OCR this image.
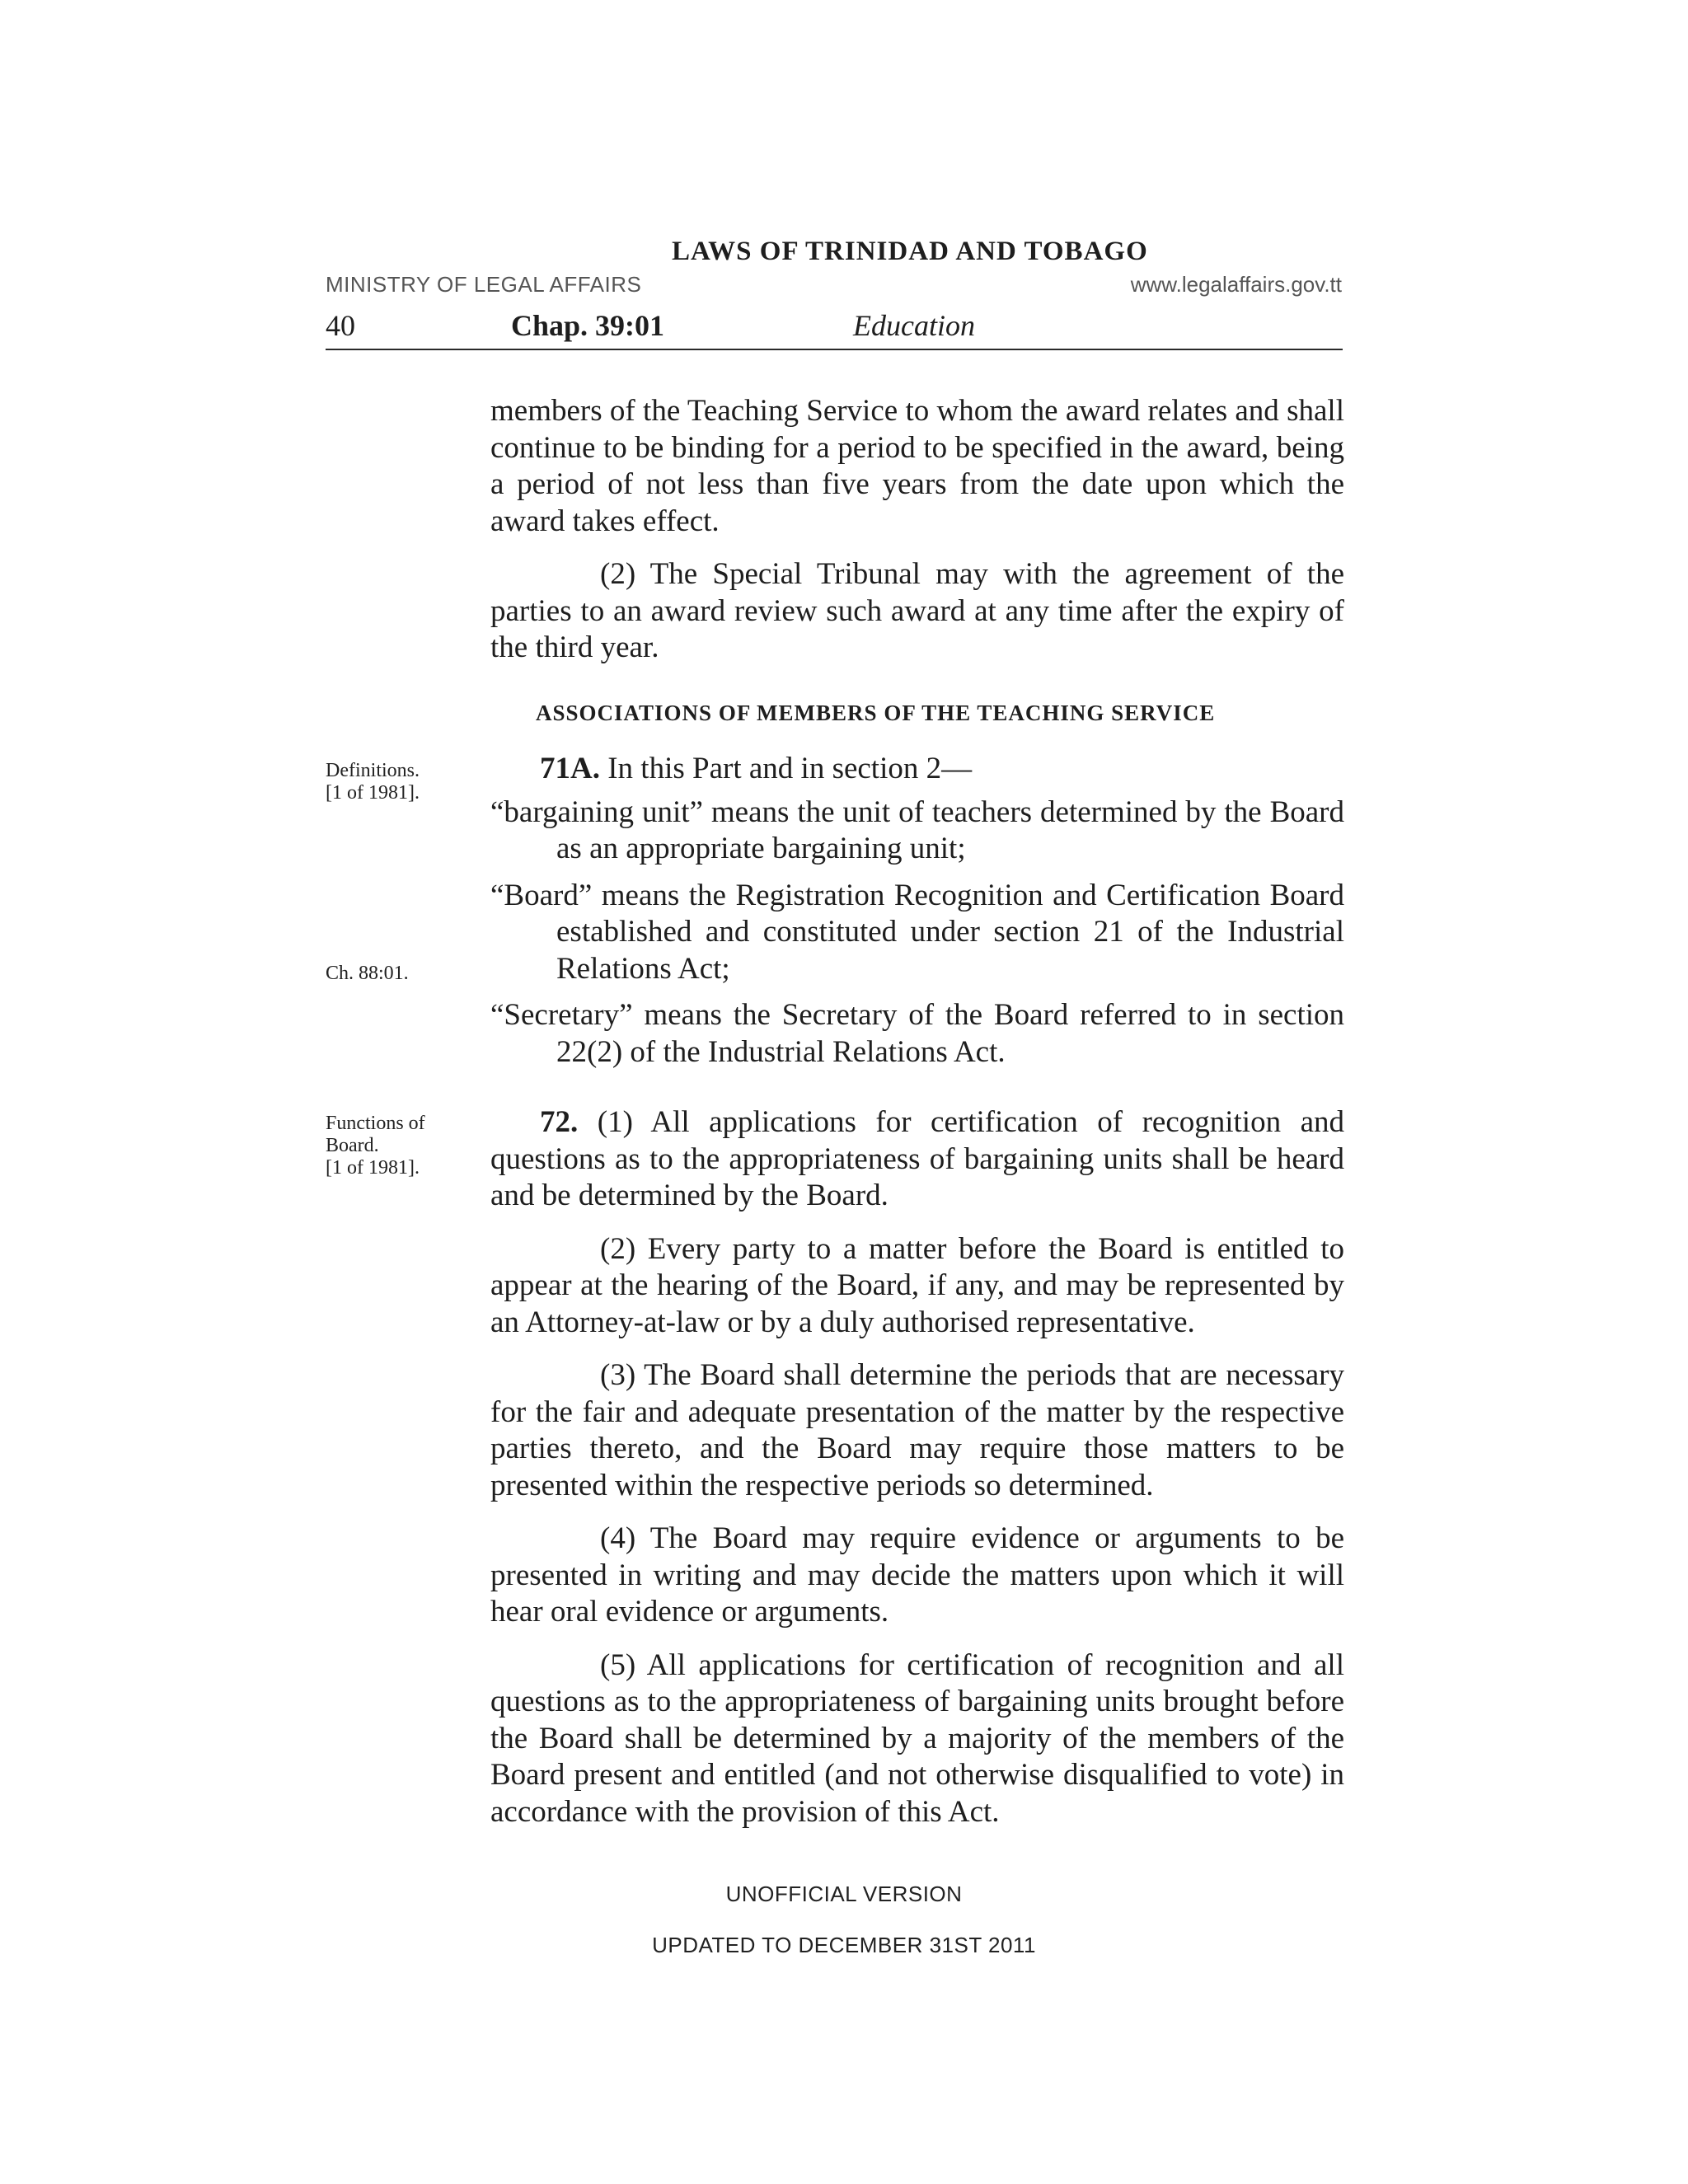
LAWS OF TRINIDAD AND TOBAGO
MINISTRY OF LEGAL AFFAIRS	www.legalaffairs.gov.tt
40	Chap. 39:01	Education

members of the Teaching Service to whom the award relates and shall continue to be binding for a period to be specified in the award, being a period of not less than five years from the date upon which the award takes effect.

(2) The Special Tribunal may with the agreement of the parties to an award review such award at any time after the expiry of the third year.

ASSOCIATIONS OF MEMBERS OF THE TEACHING SERVICE
Definitions.
[1 of 1981].
Ch. 88:01.

71A. In this Part and in section 2—

“bargaining unit” means the unit of teachers determined by the Board as an appropriate bargaining unit;

“Board” means the Registration Recognition and Certification Board established and constituted under section 21 of the Industrial Relations Act;

“Secretary” means the Secretary of the Board referred to in section 22(2) of the Industrial Relations Act.

Functions of
Board.
[1 of 1981].

72. (1) All applications for certification of recognition and questions as to the appropriateness of bargaining units shall be heard and be determined by the Board.

(2) Every party to a matter before the Board is entitled to appear at the hearing of the Board, if any, and may be represented by an Attorney-at-law or by a duly authorised representative.

(3) The Board shall determine the periods that are necessary for the fair and adequate presentation of the matter by the respective parties thereto, and the Board may require those matters to be presented within the respective periods so determined.

(4) The Board may require evidence or arguments to be presented in writing and may decide the matters upon which it will hear oral evidence or arguments.

(5) All applications for certification of recognition and all questions as to the appropriateness of bargaining units brought before the Board shall be determined by a majority of the members of the Board present and entitled (and not otherwise disqualified to vote) in accordance with the provision of this Act.

UNOFFICIAL VERSION
UPDATED TO DECEMBER 31ST 2011
